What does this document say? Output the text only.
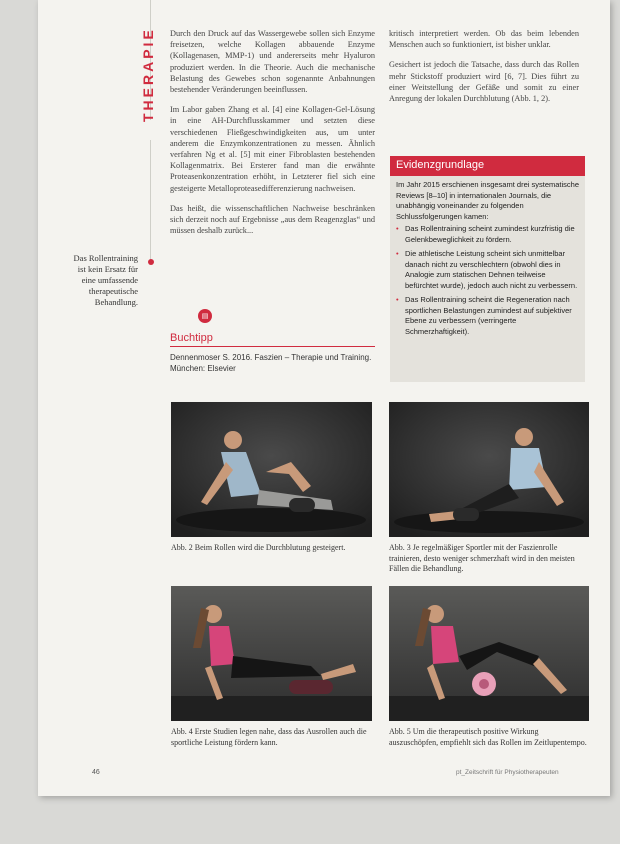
THERAPIE
Das Rollentraining ist kein Ersatz für eine umfassende therapeutische Behandlung.

Durch den Druck auf das Wassergewebe sollen sich Enzyme freisetzen, welche Kollagen abbauende Enzyme (Kollagenasen, MMP-1) und andererseits mehr Hyaluron produziert werden. In die Theorie. Auch die mechanische Belastung des Gewebes schon sogenannte Anbahnungen bestehender Veränderungen beeinflussen.

Im Labor gaben Zhang et al. [4] eine Kollagen-Gel-Lösung in eine AH-Durchflusskammer und setzten diese verschiedenen Fließgeschwindigkeiten aus, um unter anderem die Enzymkonzentrationen zu messen. Ähnlich verfahren Ng et al. [5] mit einer Fibroblasten bestehenden Kollagenmatrix. Bei Ersterer fand man die erwähnte Proteasenkonzentration erhöht, in Letzterer fiel sich eine gesteigerte Metalloproteasedifferenzierung nachweisen.

Das heißt, die wissenschaftlichen Nachweise beschränken sich derzeit noch auf Ergebnisse „aus dem Reagenzglas“ und müssen deshalb zurück...

▤
Buchtipp
Dennenmoser S. 2016. Faszien – Therapie und Training. München: Elsevier

kritisch interpretiert werden. Ob das beim lebenden Menschen auch so funktioniert, ist bisher unklar.

Gesichert ist jedoch die Tatsache, dass durch das Rollen mehr Stickstoff produziert wird [6, 7]. Dies führt zu einer Weitstellung der Gefäße und somit zu einer Anregung der lokalen Durchblutung (Abb. 1, 2).

Evidenzgrundlage
Im Jahr 2015 erschienen insgesamt drei systematische Reviews [8–10] in internationalen Journals, die unabhängig voneinander zu folgenden Schlussfolgerungen kamen:
• Das Rollentraining scheint zumindest kurzfristig die Gelenkbeweglichkeit zu fördern.
• Die athletische Leistung scheint sich unmittelbar danach nicht zu verschlechtern (obwohl dies in Analogie zum statischen Dehnen teilweise befürchtet wurde), jedoch auch nicht zu verbessern.
• Das Rollentraining scheint die Regeneration nach sportlichen Belastungen zumindest auf subjektiver Ebene zu verbessern (verringerte Schmerzhaftigkeit).
Abb. 2 Beim Rollen wird die Durchblutung gesteigert.	Abb. 3 Je regelmäßiger Sportler mit der Faszienrolle trainieren, desto weniger schmerzhaft wird in den meisten Fällen die Behandlung.
Abb. 4 Erste Studien legen nahe, dass das Ausrollen auch die sportliche Leistung fördern kann.
Abb. 5 Um die therapeutisch positive Wirkung auszuschöpfen, empfiehlt sich das Rollen im Zeitlupentempo.
46	pt_Zeitschrift für Physiotherapeuten
